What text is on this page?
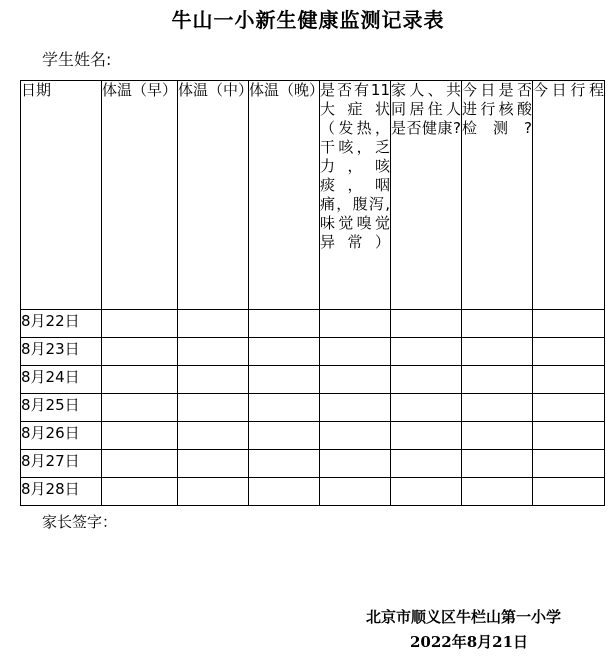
牛山一小新生健康监测记录表
学生姓名:
日期	体温（早）	体温（中）	体温（晚）	是否有11大症状（发热，干咳，乏力，咳痰，咽痛，腹泻,味觉嗅觉异常）	家人、共同居住人是否健康?	今日是否进行核酸检测?	今日行程
8月22日							
8月23日							
8月24日							
8月25日							
8月26日							
8月27日							
8月28日							
家长签字：
北京市顺义区牛栏山第一小学
2022年8月21日
